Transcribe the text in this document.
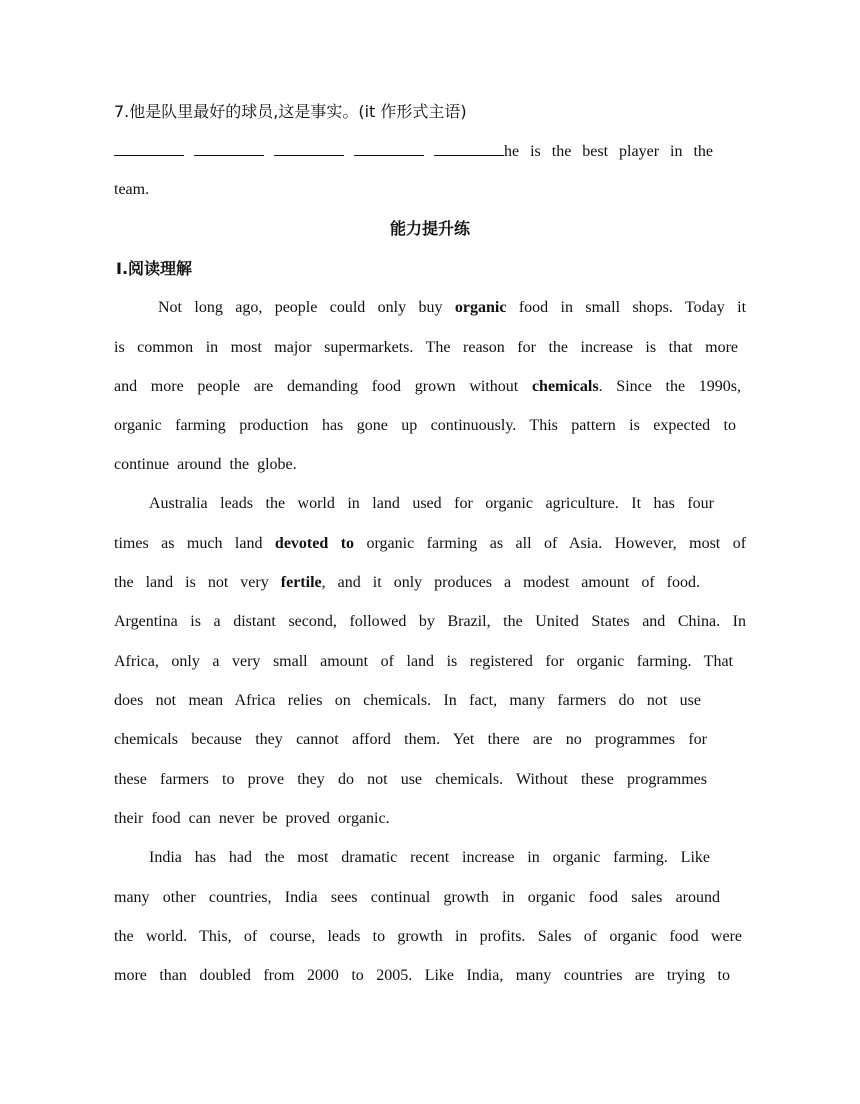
7.他是队里最好的球员,这是事实。(it 作形式主语)
he is the best player in the
team.
能力提升练
Ⅰ.阅读理解
Not long ago, people could only buy organic food in small shops. Today it
is common in most major supermarkets. The reason for the increase is that more
and more people are demanding food grown without chemicals. Since the 1990s,
organic farming production has gone up continuously. This pattern is expected to
continue around the globe.
Australia leads the world in land used for organic agriculture. It has four
times as much land devoted to organic farming as all of Asia. However, most of
the land is not very fertile, and it only produces a modest amount of food.
Argentina is a distant second, followed by Brazil, the United States and China. In
Africa, only a very small amount of land is registered for organic farming. That
does not mean Africa relies on chemicals. In fact, many farmers do not use
chemicals because they cannot afford them. Yet there are no programmes for
these farmers to prove they do not use chemicals. Without these programmes
their food can never be proved organic.
India has had the most dramatic recent increase in organic farming. Like
many other countries, India sees continual growth in organic food sales around
the world. This, of course, leads to growth in profits. Sales of organic food were
more than doubled from 2000 to 2005. Like India, many countries are trying to
